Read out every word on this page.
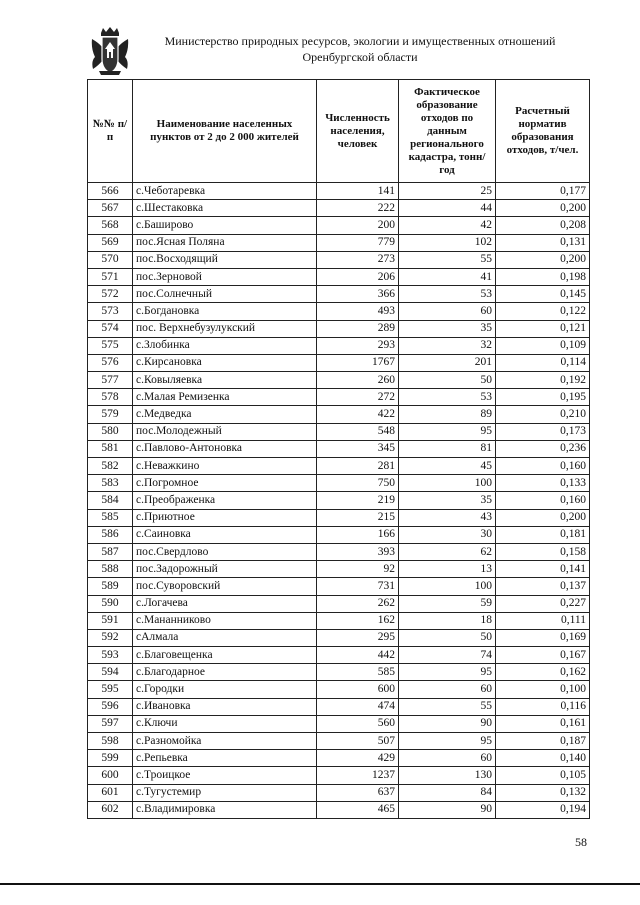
Министерство природных ресурсов, экологии и имущественных отношений
Оренбургской области
№№ п/п	Наименование населенных пунктов от 2 до 2 000 жителей	Численность населения, человек	Фактическое образование отходов по данным регионального кадастра, тонн/год	Расчетный норматив образования отходов, т/чел.
566	с.Чеботаревка	141	25	0,177
567	с.Шестаковка	222	44	0,200
568	с.Баширово	200	42	0,208
569	пос.Ясная Поляна	779	102	0,131
570	пос.Восходящий	273	55	0,200
571	пос.Зерновой	206	41	0,198
572	пос.Солнечный	366	53	0,145
573	с.Богдановка	493	60	0,122
574	пос. Верхнебузулукский	289	35	0,121
575	с.Злобинка	293	32	0,109
576	с.Кирсановка	1767	201	0,114
577	с.Ковыляевка	260	50	0,192
578	с.Малая Ремизенка	272	53	0,195
579	с.Медведка	422	89	0,210
580	пос.Молодежный	548	95	0,173
581	с.Павлово-Антоновка	345	81	0,236
582	с.Неважкино	281	45	0,160
583	с.Погромное	750	100	0,133
584	с.Преображенка	219	35	0,160
585	с.Приютное	215	43	0,200
586	с.Саиновка	166	30	0,181
587	пос.Свердлово	393	62	0,158
588	пос.Задорожный	92	13	0,141
589	пос.Суворовский	731	100	0,137
590	с.Логачева	262	59	0,227
591	с.Мананниково	162	18	0,111
592	сАлмала	295	50	0,169
593	с.Благовещенка	442	74	0,167
594	с.Благодарное	585	95	0,162
595	с.Городки	600	60	0,100
596	с.Ивановка	474	55	0,116
597	с.Ключи	560	90	0,161
598	с.Разномойка	507	95	0,187
599	с.Репьевка	429	60	0,140
600	с.Троицкое	1237	130	0,105
601	с.Тугустемир	637	84	0,132
602	с.Владимировка	465	90	0,194
58
